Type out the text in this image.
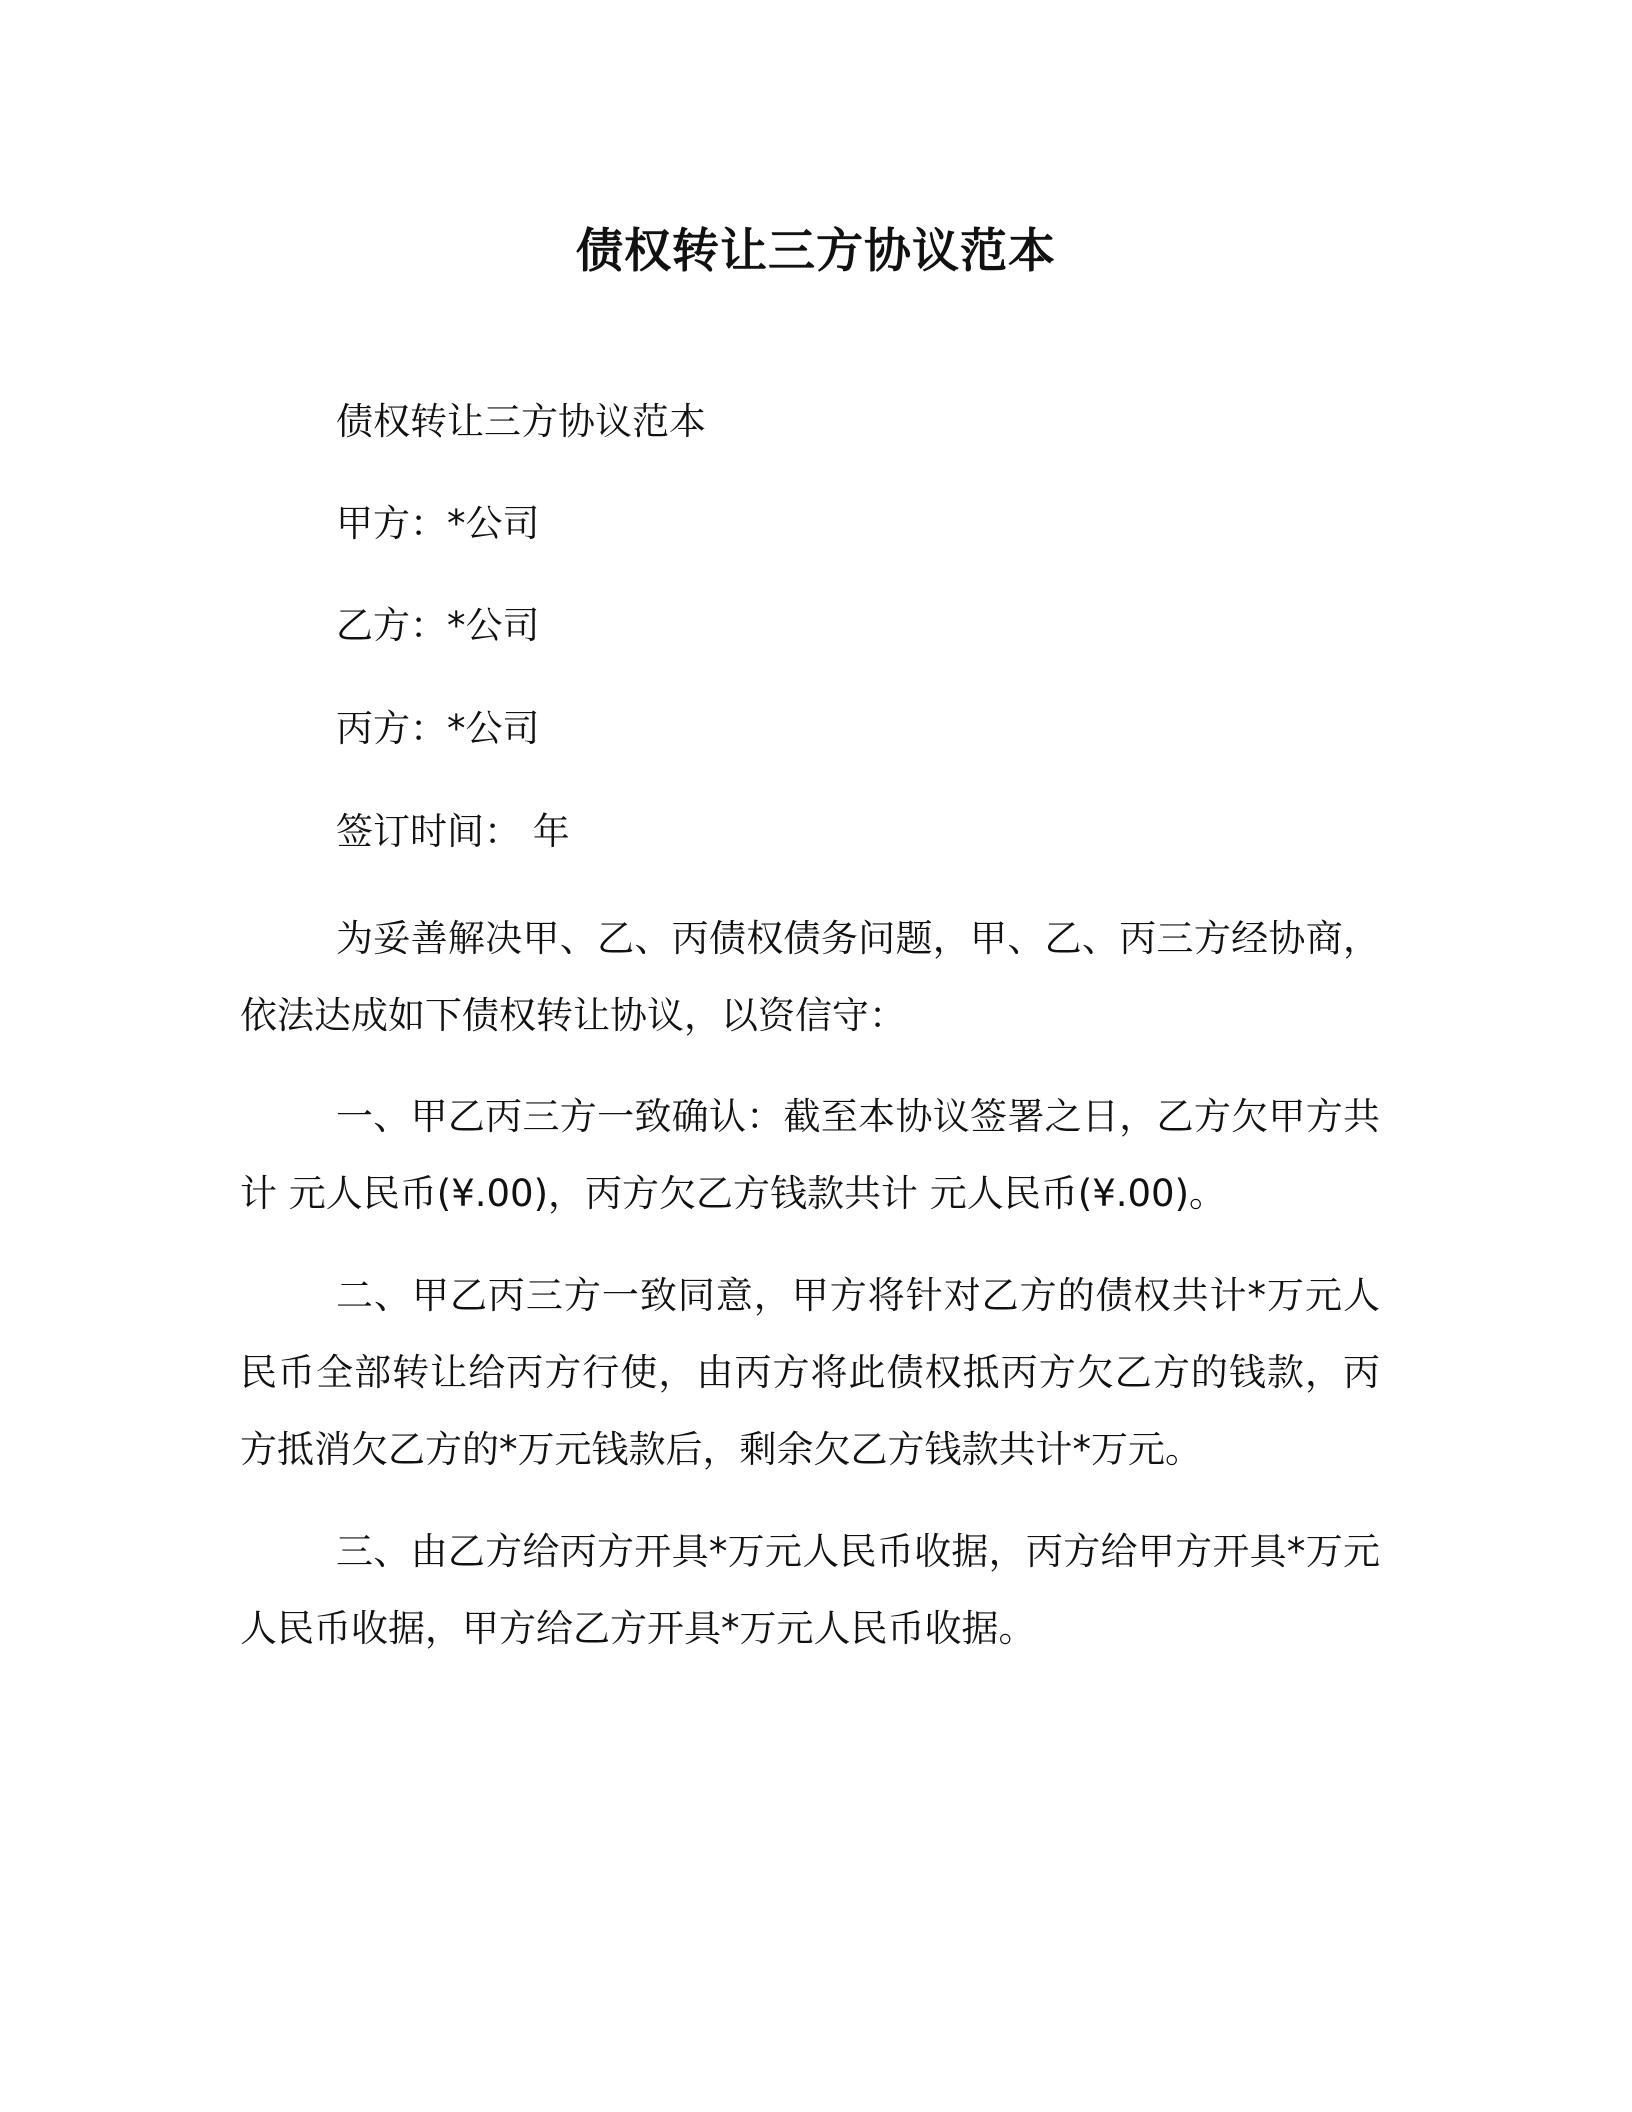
债权转让三方协议范本
债权转让三方协议范本
甲方：*公司
乙方：*公司
丙方：*公司
签订时间： 年

为妥善解决甲、乙、丙债权债务问题，甲、乙、丙三方经协商，依法达成如下债权转让协议，以资信守：

一、甲乙丙三方一致确认：截至本协议签署之日，乙方欠甲方共计 元人民币(¥.00)，丙方欠乙方钱款共计 元人民币(¥.00)。

二、甲乙丙三方一致同意，甲方将针对乙方的债权共计*万元人民币全部转让给丙方行使，由丙方将此债权抵丙方欠乙方的钱款，丙方抵消欠乙方的*万元钱款后，剩余欠乙方钱款共计*万元。

三、由乙方给丙方开具*万元人民币收据，丙方给甲方开具*万元人民币收据，甲方给乙方开具*万元人民币收据。
